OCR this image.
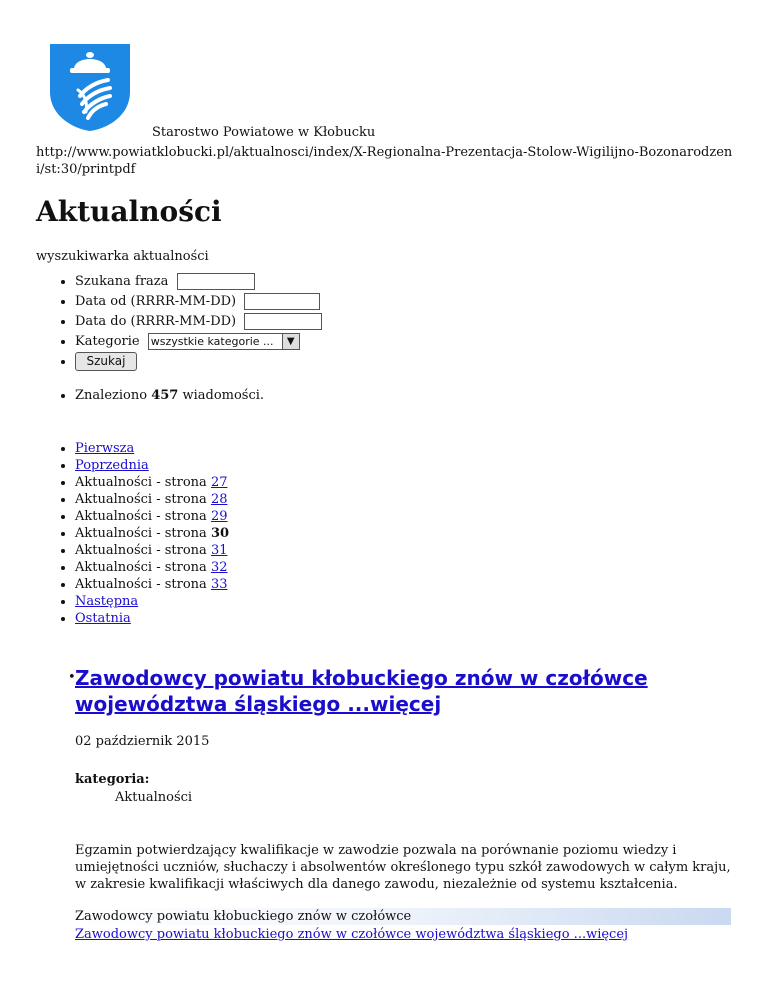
Starostwo Powiatowe w Kłobucku
http://www.powiatklobucki.pl/aktualnosci/index/X-Regionalna-Prezentacja-Stolow-Wigilijno-Bozonarodzeni/st:30/printpdf
Aktualności
wyszukiwarka aktualności
• Szukana fraza
• Data od (RRRR-MM-DD)
• Data do (RRRR-MM-DD)
• Kategorie wszystkie kategorie ...	▼
• Szukaj
• Znaleziono 457 wiadomości.
• Pierwsza
• Poprzednia
• Aktualności - strona 27
• Aktualności - strona 28
• Aktualności - strona 29
• Aktualności - strona 30
• Aktualności - strona 31
• Aktualności - strona 32
• Aktualności - strona 33
• Następna
• Ostatnia
• Zawodowcy powiatu kłobuckiego znów w czołówce województwa śląskiego ...więcej
02 październik 2015
kategoria:
Aktualności
Egzamin potwierdzający kwalifikacje w zawodzie pozwala na porównanie poziomu wiedzy i umiejętności uczniów, słuchaczy i absolwentów określonego typu szkół zawodowych w całym kraju, w zakresie kwalifikacji właściwych dla danego zawodu, niezależnie od systemu kształcenia.
Zawodowcy powiatu kłobuckiego znów w czołówce
Zawodowcy powiatu kłobuckiego znów w czołówce województwa śląskiego ...więcej
